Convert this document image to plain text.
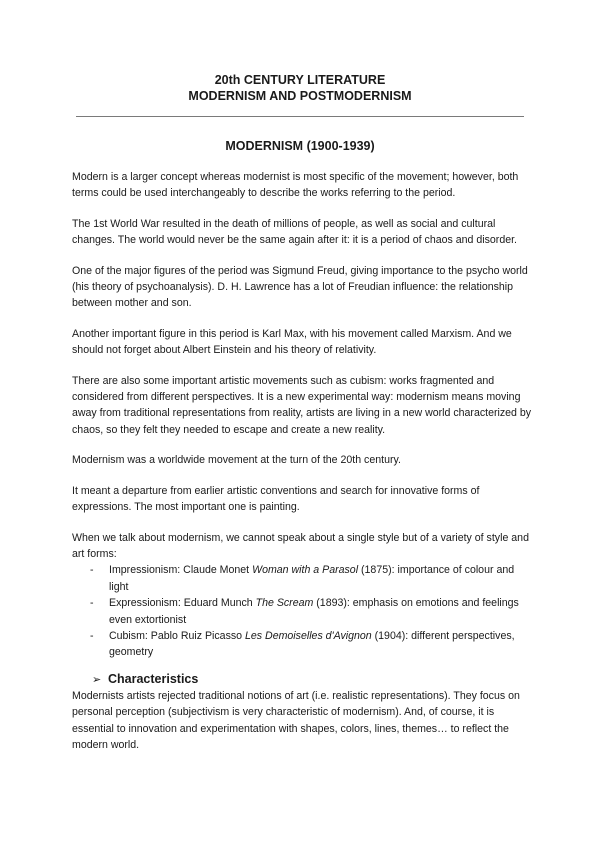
20th CENTURY LITERATURE
MODERNISM AND POSTMODERNISM
MODERNISM (1900-1939)

Modern is a larger concept whereas modernist is most specific of the movement; however, both terms could be used interchangeably to describe the works referring to the period.

The 1st World War resulted in the death of millions of people, as well as social and cultural changes. The world would never be the same again after it: it is a period of chaos and disorder.

One of the major figures of the period was Sigmund Freud, giving importance to the psycho world (his theory of psychoanalysis). D. H. Lawrence has a lot of Freudian influence: the relationship between mother and son.

Another important figure in this period is Karl Max, with his movement called Marxism. And we should not forget about Albert Einstein and his theory of relativity.

There are also some important artistic movements such as cubism: works fragmented and considered from different perspectives. It is a new experimental way: modernism means moving away from traditional representations from reality, artists are living in a new world characterized by chaos, so they felt they needed to escape and create a new reality.

Modernism was a worldwide movement at the turn of the 20th century.

It meant a departure from earlier artistic conventions and search for innovative forms of expressions. The most important one is painting.

When we talk about modernism, we cannot speak about a single style but of a variety of style and art forms:

- Impressionism: Claude Monet Woman with a Parasol (1875): importance of colour and light
- Expressionism: Eduard Munch The Scream (1893): emphasis on emotions and feelings even extortionist
- Cubism: Pablo Ruiz Picasso Les Demoiselles d'Avignon (1904): different perspectives, geometry
➢ Characteristics

Modernists artists rejected traditional notions of art (i.e. realistic representations). They focus on personal perception (subjectivism is very characteristic of modernism). And, of course, it is essential to innovation and experimentation with shapes, colors, lines, themes… to reflect the modern world.
